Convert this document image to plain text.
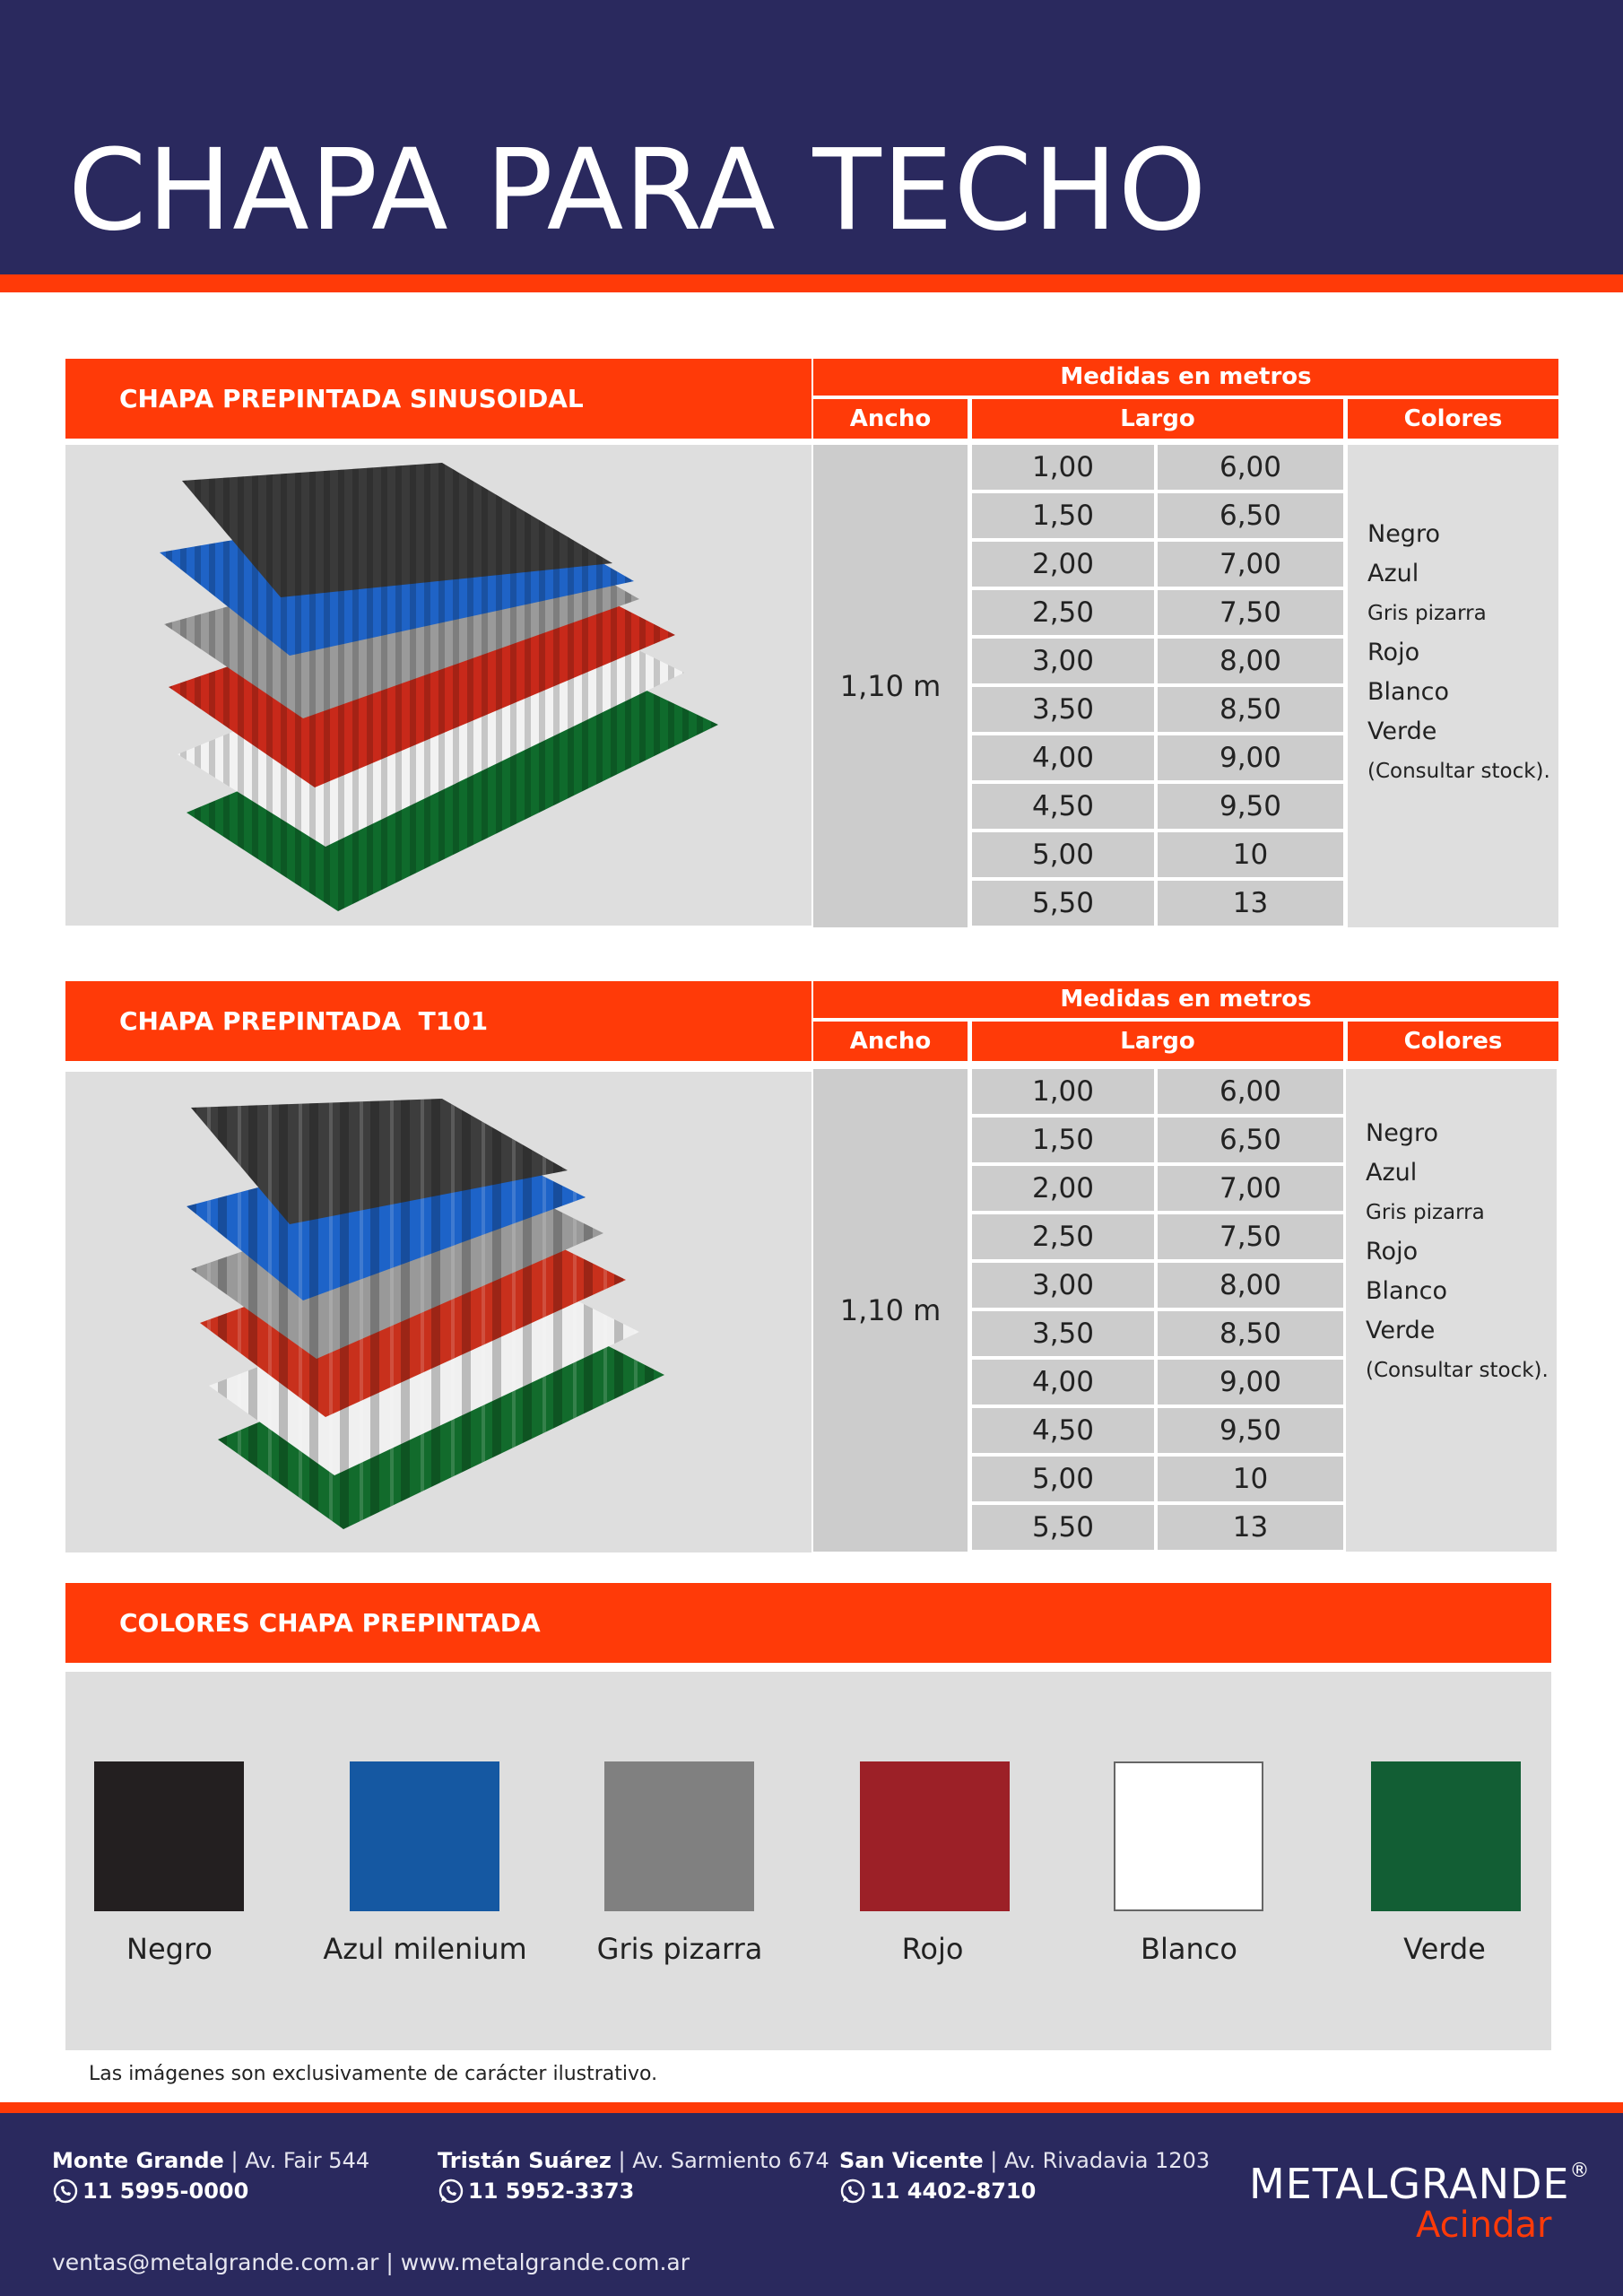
CHAPA PARA TECHO
CHAPA PREPINTADA SINUSOIDAL
Medidas en metros
Ancho	Largo	Colores
1,10 m
1,00	6,00
1,50	6,50
2,00	7,00
2,50	7,50
3,00	8,00
3,50	8,50
4,00	9,00
4,50	9,50
5,00	10
5,50	13
Negro
Azul
Gris pizarra
Rojo
Blanco
Verde
(Consultar stock).
CHAPA PREPINTADA  T101
Medidas en metros
Ancho	Largo	Colores
1,10 m
1,00	6,00
1,50	6,50
2,00	7,00
2,50	7,50
3,00	8,00
3,50	8,50
4,00	9,00
4,50	9,50
5,00	10
5,50	13
Negro
Azul
Gris pizarra
Rojo
Blanco
Verde
(Consultar stock).
COLORES CHAPA PREPINTADA
Negro	Azul milenium	Gris pizarra	Rojo	Blanco	Verde
Las imágenes son exclusivamente de carácter ilustrativo.
Monte Grande | Av. Fair 544
11 5995-0000
Tristán Suárez | Av. Sarmiento 674
11 5952-3373
San Vicente | Av. Rivadavia 1203
11 4402-8710
ventas@metalgrande.com.ar | www.metalgrande.com.ar
METALGRANDE®
Acindar
